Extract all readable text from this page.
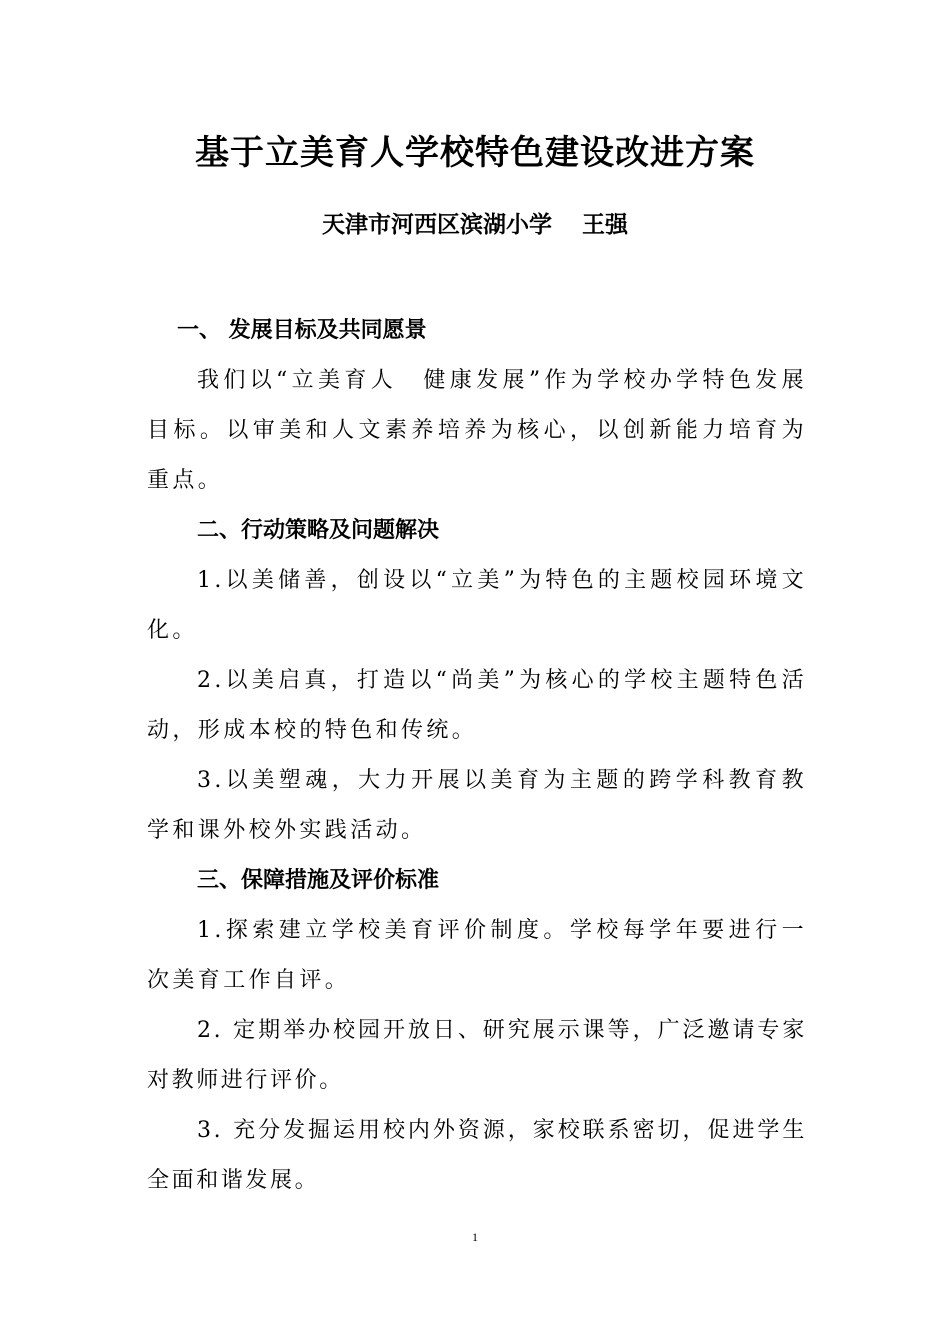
基于立美育人学校特色建设改进方案
天津市河西区滨湖小学 王强

一、 发展目标及共同愿景

我们以“立美育人　健康发展”作为学校办学特色发展目标。以审美和人文素养培养为核心，以创新能力培育为重点。

二、行动策略及问题解决

1.以美储善，创设以“立美”为特色的主题校园环境文化。

2.以美启真，打造以“尚美”为核心的学校主题特色活动，形成本校的特色和传统。

3.以美塑魂，大力开展以美育为主题的跨学科教育教学和课外校外实践活动。

三、保障措施及评价标准

1.探索建立学校美育评价制度。学校每学年要进行一次美育工作自评。

2. 定期举办校园开放日、研究展示课等，广泛邀请专家对教师进行评价。

3. 充分发掘运用校内外资源，家校联系密切，促进学生全面和谐发展。

1
